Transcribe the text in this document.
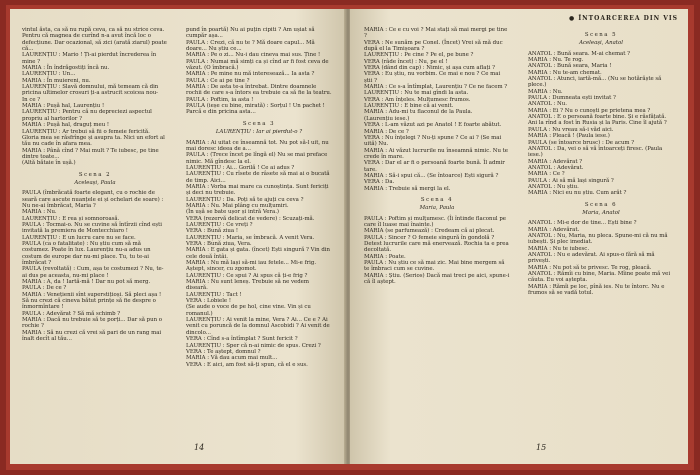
vintul ăsta, ca să nu rupă ceva, ca să nu strice ceva. Pentru că magnea de curînd n-a avut încă loc o defecțiune. Dar ocazional, să zici (arată ziarul) poate că...

LAURENȚIU : Mario ! Ți-ai pierdut încrederea în mine ?

MARIA : În îndrăgostiți încă nu.

LAURENȚIU : Un...

MARIA : În muiereni, nu.

LAURENȚIU : Slavă domnului, mă temeam că din pricina ultimelor crosuri ți-a astrucit scoicea nou-

In ce ?

MARIA : Pușă hal, Laurențiu !

LAURENȚIU : Pentru că nu depreciezi aspectul propriu al hartorilor ?

MARIA : Pușă hal, draguț meu !

LAURENȚIU : Ar trebui să fii o femeie fericită. Gloria mea se răsfrînge și asupra ta. Nici un efort al tău nu cade în afara mea.

MARIA : Până cînd ? Mai mult ? Te iubesc, pe tine dintre toate...

(Altă bătaie în ușă.)

Scena 2

Aceleași, Paula

PAULA (îmbrăcată foarte elegant, cu o rochie de seară care ascute nuanțele ei și ochelari de soare) : Nu ne-ai îmbrăcat, Maria ?

MARIA : Nu.

LAURENȚIU : E rea și somnoroasă.

PAULA : Tocmai-o. Nu se cuvine să întîrzii cînd ești invitată la premiera de Montecchiaro !

LAURENȚIU : E un lucru care nu se face.

PAULA (ca o fatalitate) : Nu știu cum să mă costumez. Poate în lux. Laurențiu nu-a adus un costum de europe dar nu-mi place. Tu, tu te-ai îmbrăcat ?

PAULA (revoltată) : Cum, așa te costumezi ? Nu, te-ai dus pe aceasta, nu-mi place !

MARIA : A, da ! Iartă-mă ! Dar nu pot să merg.

PAULA : De ce ?

MARIA : Venețienii sînt superstițioși. Să pleci așa ! Să nu crezi că cineva bătut prințe să fie despre o înmormîntare !

PAULA : Adevărat ? Să mă schimb ?

MARIA : Dacă nu trebuie să te porți... Dar să pun o rochie ?

MARIA : Să nu crezi că vrei să pari de un rang mai înalt decît al tău...

pund în poartă) Nu ai puțin cipiti ? Am ușiat să cumpăr așa...

PAULA : Crezi, că nu te ? Mă doare capul... Mă doare... Nu știu ce...

MARIA : Pe o zi... Nu-i dau cineva mai sus. Ține !

PAULA : Numai mă simți ca și cînd ar fi fost ceva de văzut. (O îmbracă.)

MARIA : Pe mine nu mă interesează... Ia asta ?

PAULA : Ce ai pe tine ?

MARIA : De asta te-a întrebat. Dintre doamnele rochii de care s-a întors ea trebuie ca să fie la teatru.

PAULA : Poftim, ia asta !

PAULA (ieșe cu bine, mirată) : Sorțul ! Un pachet ! Parcă e din pricina asta...

Scena 3

LAURENȚIU : Iar ai pierdut-o ?

MARIA : Ai uitat ce înseamnă tot. Nu pot să-l uit, nu mai doresc ideea de a...

PAULA : (Trece încet pe lîngă el) Nu se mai preface nimic. Mă gîndesc la el.

LAURENȚIU : Ai... Gorilă ! Ce ai adus ?

LAURENȚIU : Cu rîsete de râsete să mai ai o bucată de timp. Aici...

MARIA : Vorba mai mare ca cunoștința. Sunt fericiți și deci nu trebuie.

LAURENȚIU : Da. Poți să te ajuți cu ceva ?

MARIA : Nu. Mai plâng cu mulțumiri.

(În ușă se bate ușor și intră Vera.)

VERA (rezervă delicat de vedere) : Scuzați-mă.

LAURENȚIU : Ce vreți ?

VERA : Bună ziua !

LAURENȚIU : Maria, se îmbracă. A venit Vera.

VERA : Bună ziua, Vera.

MARIA : E gata și gata. (încet) Ești singură ? Vin din cele două întâi.

MARIA : Nu mă lași să-mi iau fetele... Mi-e frig. Aștept, sincer, cu zgomot.

LAURENȚIU : Ce spui ? Ai spus că ți-e frig ?

MARIA : Nu sunt leneș. Trebuie să ne vedem diseară.

LAURENȚIU : Tact !

VERA : Lobiele !

(Se aude o voce de pe hol, cine vine. Vin și cu romanul.)

LAURENȚIU : Ai venit la mine, Vera ? Ai... Ce e ? Ai venit cu poruncă de la domnul Ascobidi ? Ai venit de dincolo...

VERA : Cînd s-a întîmplat ? Sunt fericit ?

LAURENȚIU : Sper că n-ai nimic de spus. Crezi ?

VERA : Te aștept, domnul ?

MARIA : Vă dau acum mai mult...

VERA : E aici, am fost să-ți spun, că el e sus.

14
● ÎNTOARCEREA DIN VIS

MARIA : Ce e cu voi ? Mai stați să mai mergi pe tine ?

VERA : Ne sunăm pe Conel. (Încet) Vrei să mă duc după el la Timișoara ?

LAURENȚIU : Pe cine ? Pe el, pe bune ?

VERA (râde încet) : Nu, pe el !

VERA (dând din cap) : Nimic, și așa cum aflați ?

VERA : Eu știu, nu vorbim. Ce mai e nou ? Ce mai știi ?

MARIA : Ce s-a întîmplat, Laurențiu ? Ce ne facem ?

LAURENȚIU : Nu te mai gîndi la asta.

VERA : Am înțeles. Mulțumesc frumos.

LAURENȚIU : E bine că ai venit.

MARIA : Adu-mi tu flaconul de la Paula.

(Laurențiu iese.)

VERA : L-am văzut azi pe Anatol ! E foarte abătut.

MARIA : De ce ?

VERA : Nu înțelegi ? Nu-ți spune ? Ce ai ? (Se mai uită) Nu.

MARIA : Ai văzut lucrurile nu înseamnă nimic. Nu te crede în mare.

VERA : Dar el ar fi o persoană foarte bună. Îl admir tare.

MARIA : Să-i spui că... (Se întoarce) Ești sigură ?

VERA : Da.

MARIA : Trebuie să mergi la el.

Scena 4

Maria, Paula

PAULA : Poftim și mulțumesc. (Îi întinde flaconul pe care îl luase mai înainte.)

MARIA (se parfumează) : Credeam că ai plecat.

PAULA : Sincer ? O femeie singură în gondolă ? Detest lucrurile care mă enervează. Rochia ta e prea decoltată.

MARIA : Poate.

PAULA : Nu știu ce să mai zic. Mai bine mergem să te îmbraci cum se cuvine.

MARIA : Știu. (Serios) Dacă mai treci pe aici, spune-i că îl aștept.

Scena 5

Aceleași, Anatol

ANATOL : Bună seara. M-ai chemat ?

MARIA : Nu. Te rog.

ANATOL : Bună seara, Maria !

MARIA : Nu te-am chemat.

ANATOL : Atunci, iartă-mă... (Nu se hotărăște să plece.)

MARIA : Nu.

PAULA : Dumneata ești invitat ?

ANATOL : Nu.

MARIA : Ei ? Nu o cunoști pe prietena mea ?

ANATOL : E o persoană foarte bine. Și e răsfățată. Ani la rînd a fost în Rusia și la Paris. Cine îl ajută ?

PAULA : Nu vreau să-i văd aici.

MARIA : Pleacă ! (Paula iese.)

PAULA (se întoarce brusc) : De acum ?

ANATOL : Da, vei o să vă întoarceți firesc. (Paula iese.)

MARIA : Adevărat ?

ANATOL : Adevărat.

MARIA : Ce ?

PAULA : Ai să mă lași singură ?

ANATOL : Nu știu.

MARIA : Nici eu nu știu. Cum arăt ?

Scena 6

Maria, Anatol

ANATOL : Mi-e dor de tine... Ești bine ?

MARIA : Adevărat.

ANATOL : Nu, Maria, nu pleca. Spune-mi că nu mă iubești. Și plec imediat.

MARIA : Nu te iubesc.

ANATOL : Nu e adevărat. Ai spus-o fără să mă privești.

MARIA : Nu pot să te privesc. Te rog, pleacă.

ANATOL : Rămîi cu bine, Maria. Mîine poate mă vei căuta. Eu voi aștepta.

MARIA : Rămîi pe loc, pînă ies. Nu te întorc. Nu e frumos să se vadă totul.

15
